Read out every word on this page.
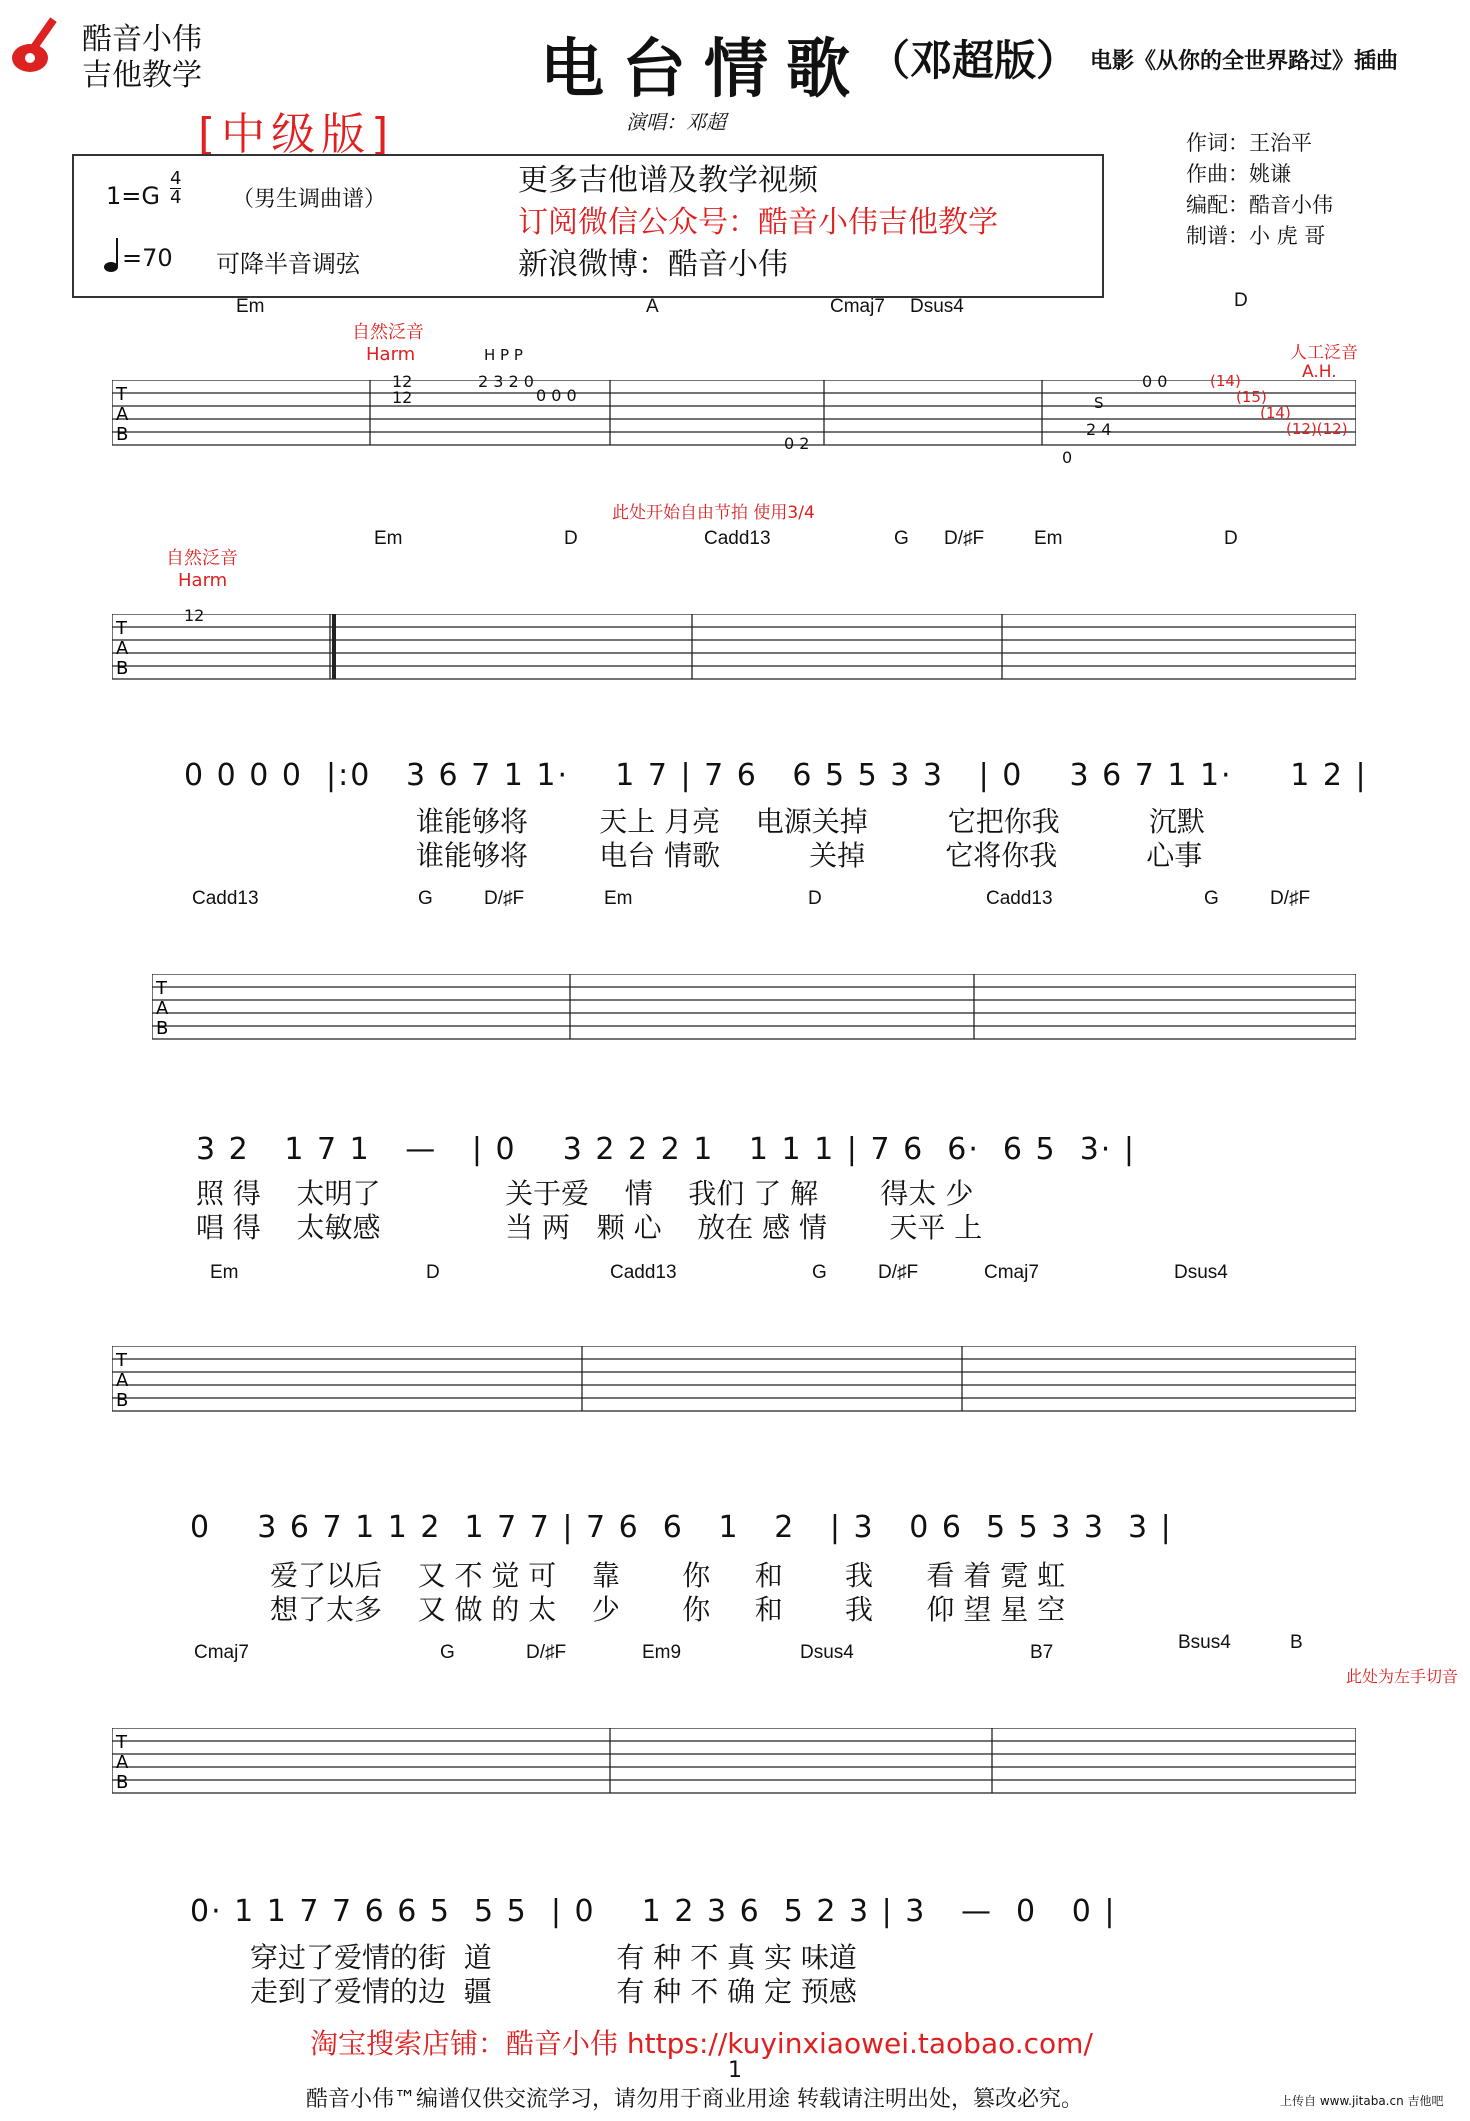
酷音小伟
吉他教学	电台情歌 （邓超版） 电影《从你的全世界路过》插曲
[中级版]	演唱：邓超
作词：王治平
作曲：姚谦
编配：酷音小伟
制谱：小 虎 哥
1=G
4
4 （男生调曲谱）
=70 可降半音调弦
更多吉他谱及教学视频
订阅微信公众号：酷音小伟吉他教学
新浪微博：酷音小伟
自然泛音
Harm	H P P	人工泛音
A.H.
Em	A	Cmaj7 Dsus4	D
T
A
B
12
12
2 3 2 0
0 0 0
0 2
S
2 4
0
0 0	(14)
(15)
(14)
(12)(12)
此处开始自由节拍 使用3/4
自然泛音
Harm
Em	D	Cadd13	G D/♯F	Em	D
T
A
B
12
0 0 0 0  |:0   3 6 7 1 1·    1 7 | 7 6   6 5 5 3 3   | 0    3 6 7 1 1·     1 2 |
谁能够将        天上 月亮    电源关掉         它把你我          沉默
谁能够将        电台 情歌          关掉         它将你我          心事
Cadd13	G	D/♯F	Em	D	Cadd13	G	D/♯F
T
A
B
3 2   1 7 1   —   | 0    3 2 2 2 1   1 1 1 | 7 6  6·  6 5  3· |
照 得    太明了              关于爱    情    我们 了 解       得太 少
唱 得    太敏感              当 两   颗 心    放在 感 情       天平 上
Em	D	Cadd13	G	D/♯F	Cmaj7	Dsus4
T
A
B
0    3 6 7 1 1 2  1 7 7 | 7 6  6   1   2   | 3   0 6  5 5 3 3  3 |
爱了以后    又 不 觉 可    靠       你     和       我      看 着 霓 虹
想了太多    又 做 的 太    少       你     和       我      仰 望 星 空
Cmaj7	G	D/♯F	Em9	Dsus4	B7	Bsus4	B
此处为左手切音
T
A
B
0· 1 1 7 7 6 6 5  5 5  | 0    1 2 3 6  5 2 3 | 3   —  0   0 |
穿过了爱情的街  道              有 种 不 真 实 味道
走到了爱情的边  疆              有 种 不 确 定 预感
淘宝搜索店铺：酷音小伟 https://kuyinxiaowei.taobao.com/
1
酷音小伟™编谱仅供交流学习，请勿用于商业用途 转载请注明出处，篡改必究。	上传自 www.jitaba.cn 吉他吧
